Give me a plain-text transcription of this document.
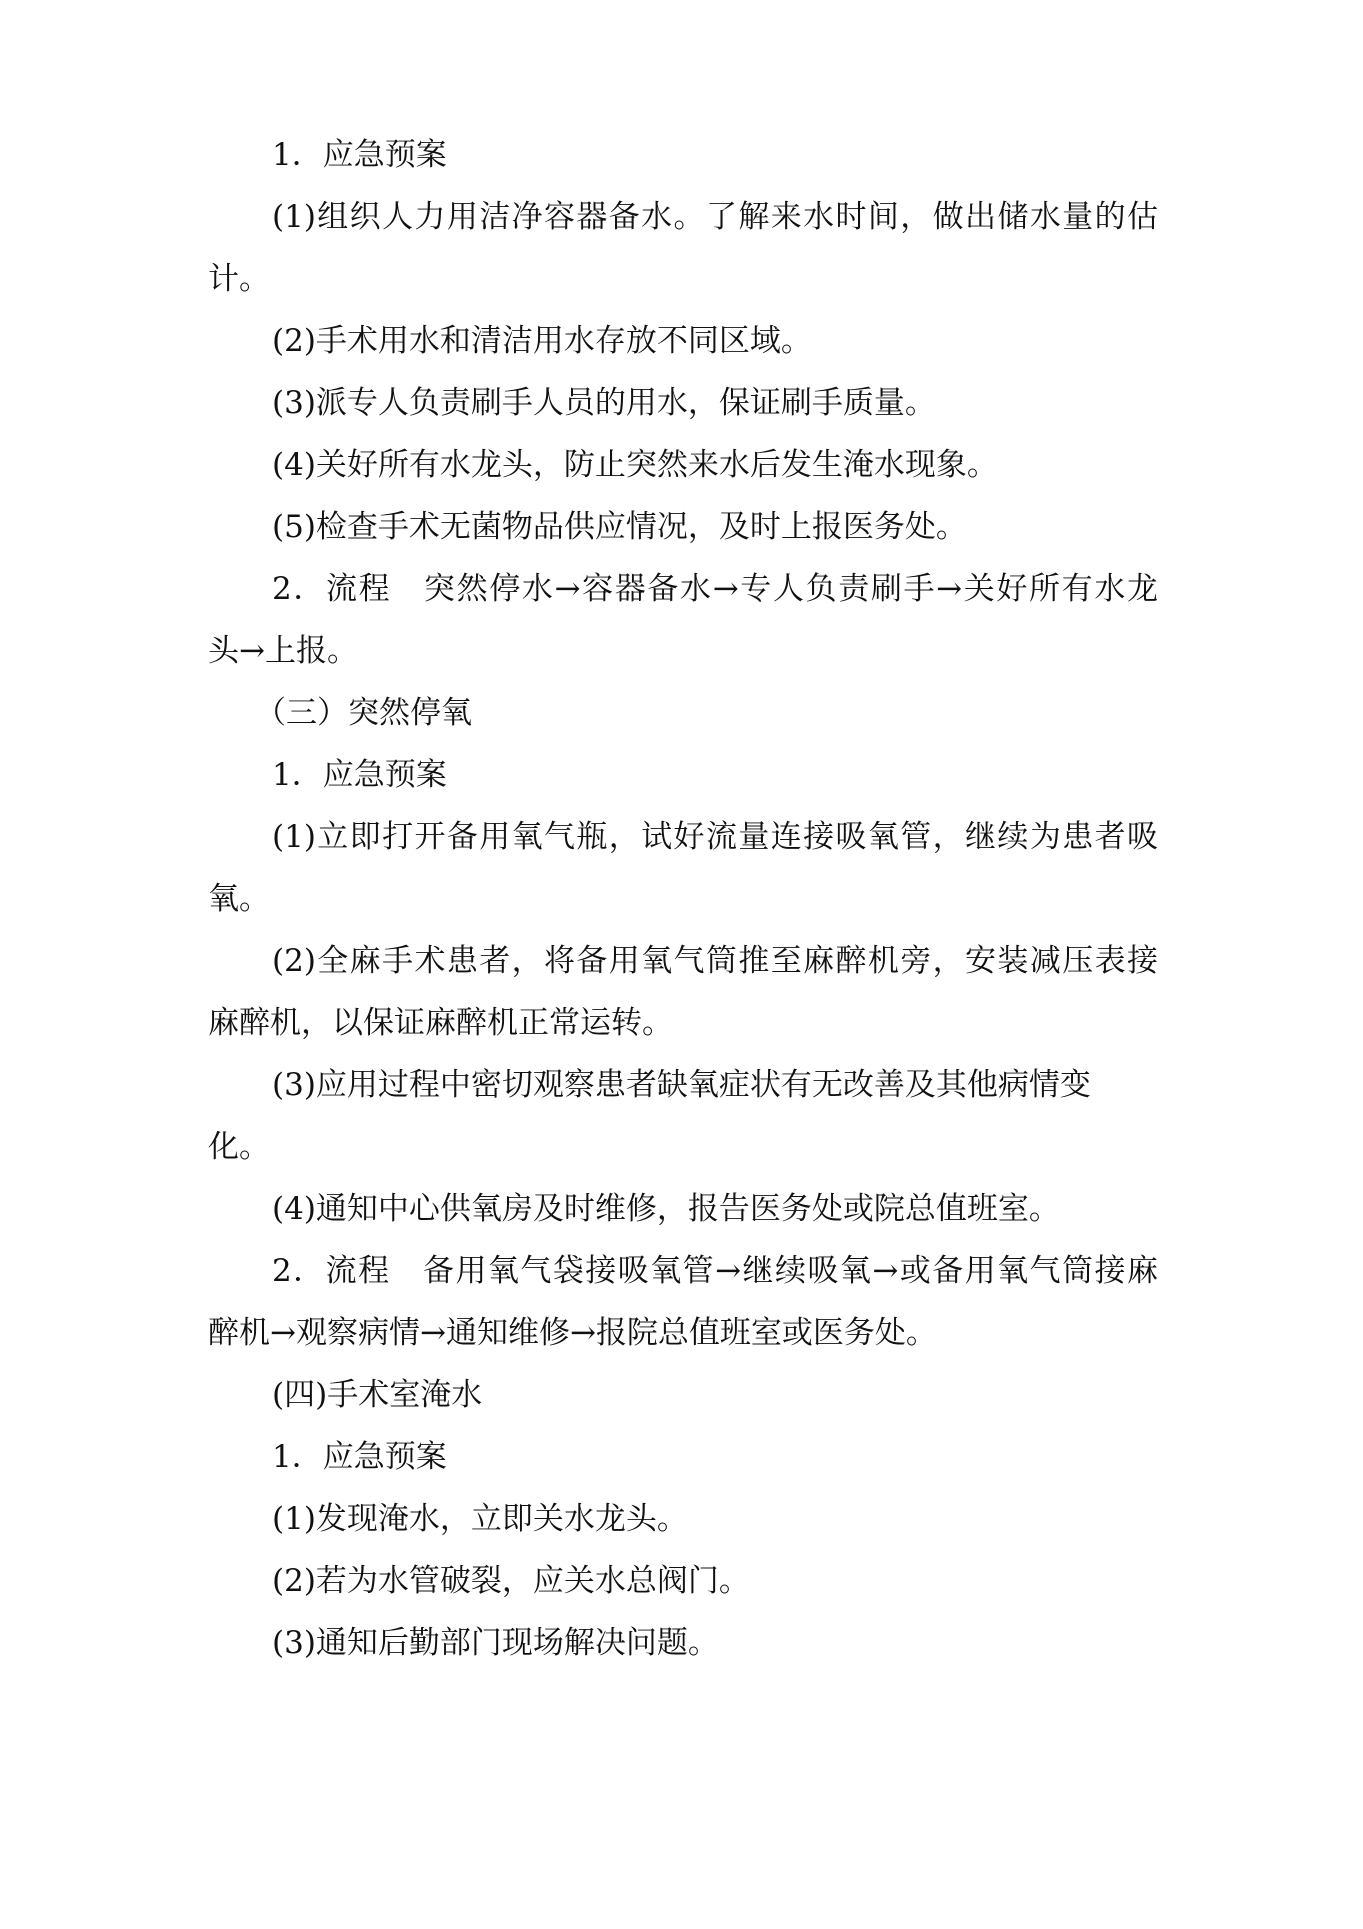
1．应急预案
(1)组织人力用洁净容器备水。了解来水时间，做出储水量的估
计。
(2)手术用水和清洁用水存放不同区域。
(3)派专人负责刷手人员的用水，保证刷手质量。
(4)关好所有水龙头，防止突然来水后发生淹水现象。
(5)检查手术无菌物品供应情况，及时上报医务处。
2．流程　突然停水→容器备水→专人负责刷手→关好所有水龙
头→上报。
（三）突然停氧
1．应急预案
(1)立即打开备用氧气瓶，试好流量连接吸氧管，继续为患者吸
氧。
(2)全麻手术患者，将备用氧气筒推至麻醉机旁，安装减压表接
麻醉机，以保证麻醉机正常运转。
(3)应用过程中密切观察患者缺氧症状有无改善及其他病情变
化。
(4)通知中心供氧房及时维修，报告医务处或院总值班室。
2．流程　备用氧气袋接吸氧管→继续吸氧→或备用氧气筒接麻
醉机→观察病情→通知维修→报院总值班室或医务处。
(四)手术室淹水
1．应急预案
(1)发现淹水，立即关水龙头。
(2)若为水管破裂，应关水总阀门。
(3)通知后勤部门现场解决问题。
